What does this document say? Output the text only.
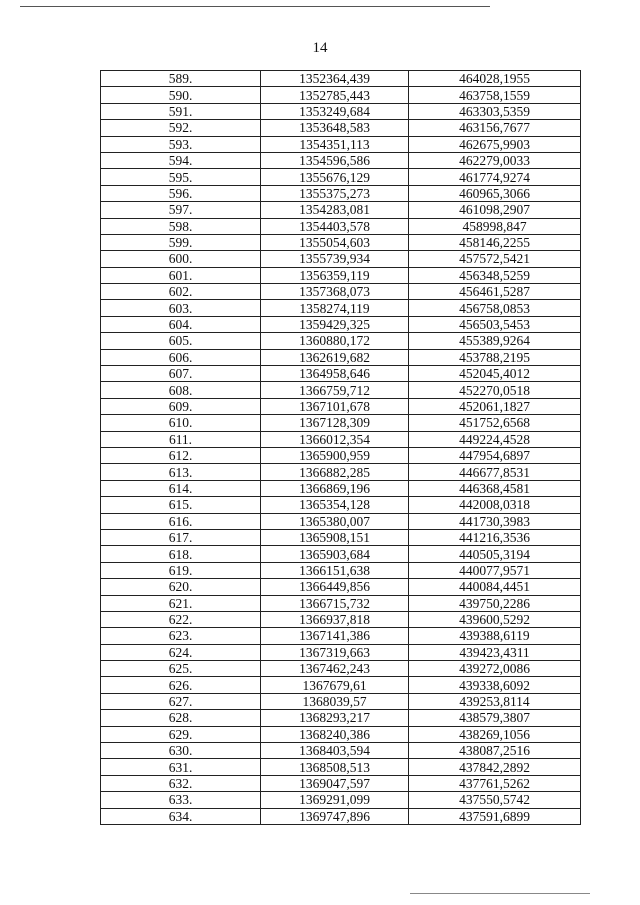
14
589.	1352364,439	464028,1955
590.	1352785,443	463758,1559
591.	1353249,684	463303,5359
592.	1353648,583	463156,7677
593.	1354351,113	462675,9903
594.	1354596,586	462279,0033
595.	1355676,129	461774,9274
596.	1355375,273	460965,3066
597.	1354283,081	461098,2907
598.	1354403,578	458998,847
599.	1355054,603	458146,2255
600.	1355739,934	457572,5421
601.	1356359,119	456348,5259
602.	1357368,073	456461,5287
603.	1358274,119	456758,0853
604.	1359429,325	456503,5453
605.	1360880,172	455389,9264
606.	1362619,682	453788,2195
607.	1364958,646	452045,4012
608.	1366759,712	452270,0518
609.	1367101,678	452061,1827
610.	1367128,309	451752,6568
611.	1366012,354	449224,4528
612.	1365900,959	447954,6897
613.	1366882,285	446677,8531
614.	1366869,196	446368,4581
615.	1365354,128	442008,0318
616.	1365380,007	441730,3983
617.	1365908,151	441216,3536
618.	1365903,684	440505,3194
619.	1366151,638	440077,9571
620.	1366449,856	440084,4451
621.	1366715,732	439750,2286
622.	1366937,818	439600,5292
623.	1367141,386	439388,6119
624.	1367319,663	439423,4311
625.	1367462,243	439272,0086
626.	1367679,61	439338,6092
627.	1368039,57	439253,8114
628.	1368293,217	438579,3807
629.	1368240,386	438269,1056
630.	1368403,594	438087,2516
631.	1368508,513	437842,2892
632.	1369047,597	437761,5262
633.	1369291,099	437550,5742
634.	1369747,896	437591,6899
